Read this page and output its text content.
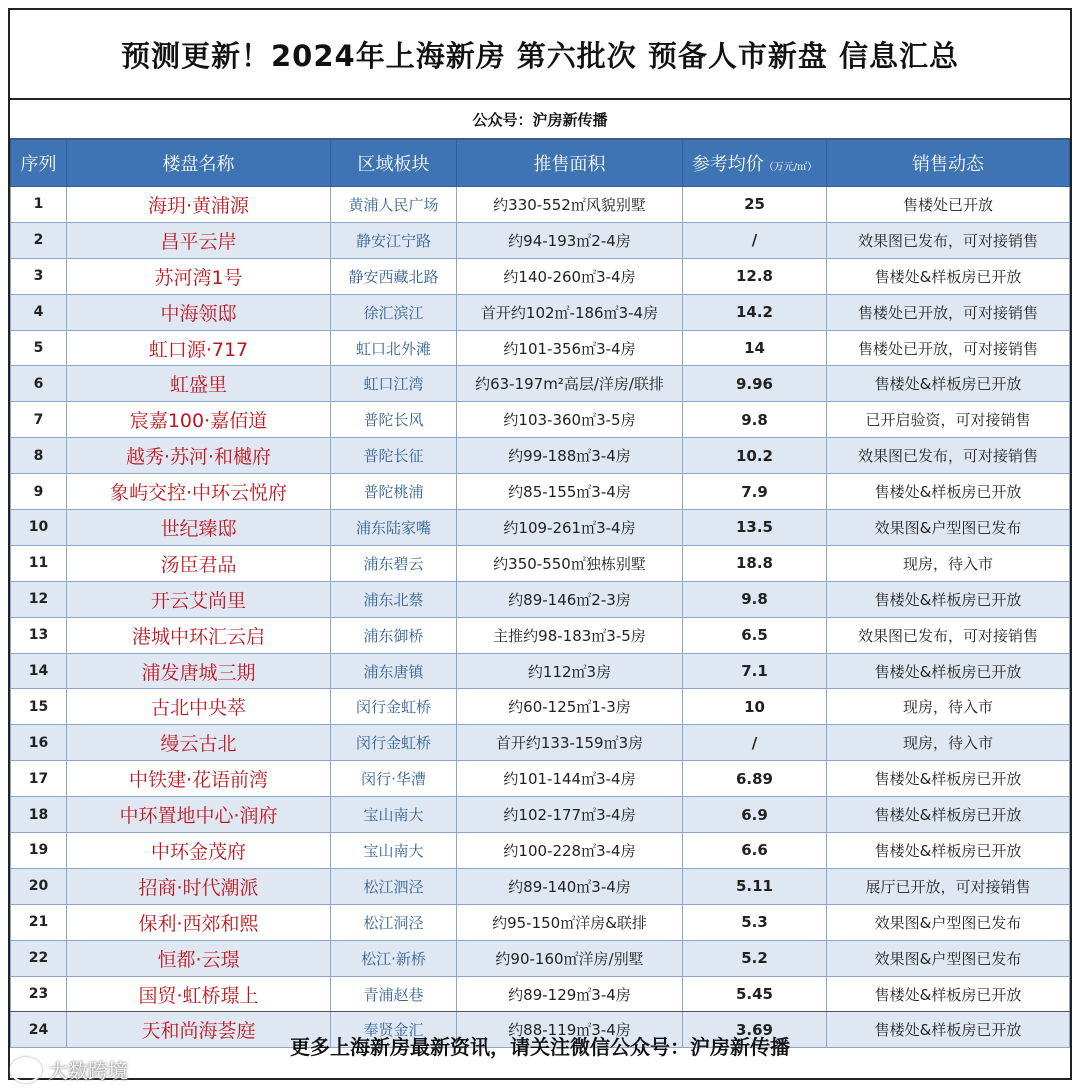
预测更新！2024年上海新房 第六批次 预备人市新盘 信息汇总
公众号：沪房新传播
序列	楼盘名称	区域板块	推售面积	参考均价（万元/㎡）	销售动态
1	海玥·黄浦源	黄浦人民广场	约330-552㎡风貌别墅	25	售楼处已开放
2	昌平云岸	静安江宁路	约94-193㎡2-4房	/	效果图已发布，可对接销售
3	苏河湾1号	静安西藏北路	约140-260㎡3-4房	12.8	售楼处&样板房已开放
4	中海领邸	徐汇滨江	首开约102㎡-186㎡3-4房	14.2	售楼处已开放，可对接销售
5	虹口源·717	虹口北外滩	约101-356㎡3-4房	14	售楼处已开放，可对接销售
6	虹盛里	虹口江湾	约63-197m²高层/洋房/联排	9.96	售楼处&样板房已开放
7	宸嘉100·嘉佰道	普陀长风	约103-360㎡3-5房	9.8	已开启验资，可对接销售
8	越秀·苏河·和樾府	普陀长征	约99-188㎡3-4房	10.2	效果图已发布，可对接销售
9	象屿交控·中环云悦府	普陀桃浦	约85-155㎡3-4房	7.9	售楼处&样板房已开放
10	世纪臻邸	浦东陆家嘴	约109-261㎡3-4房	13.5	效果图&户型图已发布
11	汤臣君品	浦东碧云	约350-550㎡独栋别墅	18.8	现房，待入市
12	开云艾尚里	浦东北蔡	约89-146㎡2-3房	9.8	售楼处&样板房已开放
13	港城中环汇云启	浦东御桥	主推约98-183㎡3-5房	6.5	效果图已发布，可对接销售
14	浦发唐城三期	浦东唐镇	约112㎡3房	7.1	售楼处&样板房已开放
15	古北中央萃	闵行金虹桥	约60-125㎡1-3房	10	现房，待入市
16	缦云古北	闵行金虹桥	首开约133-159㎡3房	/	现房，待入市
17	中铁建·花语前湾	闵行·华漕	约101-144㎡3-4房	6.89	售楼处&样板房已开放
18	中环置地中心·润府	宝山南大	约102-177㎡3-4房	6.9	售楼处&样板房已开放
19	中环金茂府	宝山南大	约100-228㎡3-4房	6.6	售楼处&样板房已开放
20	招商·时代潮派	松江泗泾	约89-140㎡3-4房	5.11	展厅已开放，可对接销售
21	保利·西郊和熙	松江洞泾	约95-150㎡洋房&联排	5.3	效果图&户型图已发布
22	恒都·云璟	松江·新桥	约90-160㎡洋房/别墅	5.2	效果图&户型图已发布
23	国贸·虹桥璟上	青浦赵巷	约89-129㎡3-4房	5.45	售楼处&样板房已开放
24	天和尚海荟庭	奉贤金汇	约88-119㎡3-4房	3.69	售楼处&样板房已开放
更多上海新房最新资讯，请关注微信公众号：沪房新传播
大数跨境
